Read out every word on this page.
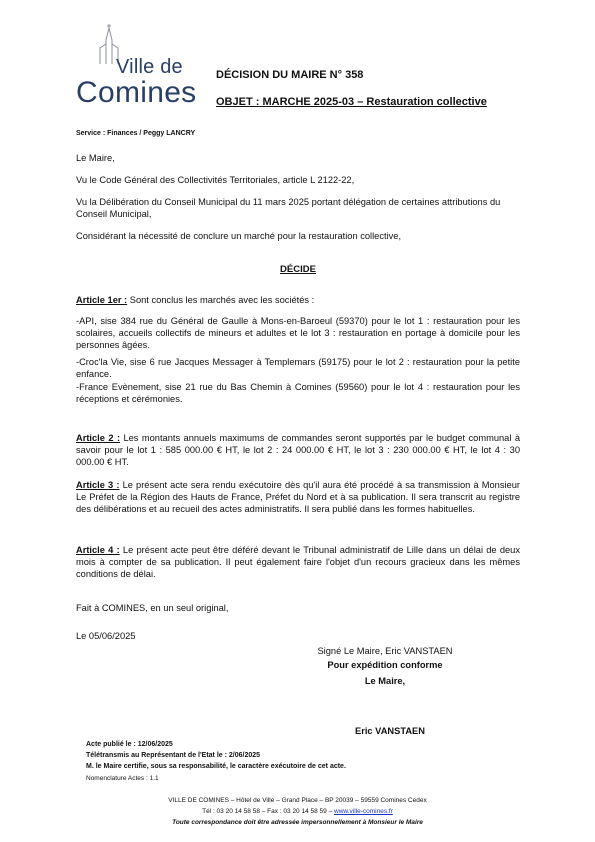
Ville de
Comines
DÉCISION DU MAIRE N° 358
OBJET : MARCHE 2025-03 – Restauration collective
Service : Finances / Peggy LANCRY
Le Maire,
Vu le Code Général des Collectivités Territoriales, article L 2122-22,
Vu la Délibération du Conseil Municipal du 11 mars 2025 portant délégation de certaines attributions du Conseil Municipal,
Considérant la nécessité de conclure un marché pour la restauration collective,
DÉCIDE
Article 1er : Sont conclus les marchés avec les sociétés :
-API, sise 384 rue du Général de Gaulle à Mons-en-Baroeul (59370) pour le lot 1 : restauration pour les scolaires, accueils collectifs de mineurs et adultes et le lot 3 : restauration en portage à domicile pour les personnes âgées.
-Croc'la Vie, sise 6 rue Jacques Messager à Templemars (59175) pour le lot 2 : restauration pour la petite enfance.
-France Evènement, sise 21 rue du Bas Chemin à Comines (59560) pour le lot 4 : restauration pour les réceptions et cérémonies.
Article 2 : Les montants annuels maximums de commandes seront supportés par le budget communal à savoir pour le lot 1 : 585 000.00 € HT, le lot 2 : 24 000.00 € HT, le lot 3 : 230 000.00 € HT, le lot 4 : 30 000.00 € HT.
Article 3 : Le présent acte sera rendu exécutoire dès qu'il aura été procédé à sa transmission à Monsieur Le Préfet de la Région des Hauts de France, Préfet du Nord et à sa publication. Il sera transcrit au registre des délibérations et au recueil des actes administratifs. Il sera publié dans les formes habituelles.
Article 4 : Le présent acte peut être déféré devant le Tribunal administratif de Lille dans un délai de deux mois à compter de sa publication. Il peut également faire l'objet d'un recours gracieux dans les mêmes conditions de délai.
Fait à COMINES, en un seul original,
Le 05/06/2025
Signé Le Maire, Eric VANSTAEN
Pour expédition conforme
Le Maire,
Eric VANSTAEN
Acte publié le : 12/06/2025
Télétransmis au Représentant de l'Etat le : 2/06/2025
M. le Maire certifie, sous sa responsabilité, le caractère exécutoire de cet acte.
Nomenclature Actes : 1.1
VILLE DE COMINES – Hôtel de Ville – Grand Place – BP 20039 – 59559 Comines Cedex
Tél : 03 20 14 58 58 – Fax : 03 20 14 58 59 – www.ville-comines.fr
Toute correspondance doit être adressée impersonnellement à Monsieur le Maire
